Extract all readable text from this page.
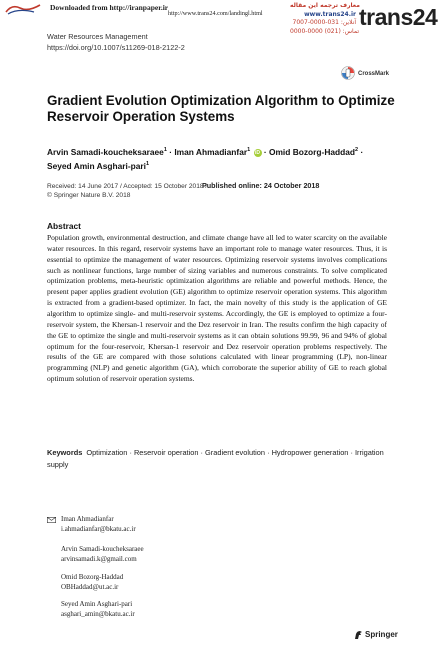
Downloaded from http://iranpaper.ir
http://www.trans24.com/landingl.html
معارف ترجمه این مقاله
www.trans24.ir
آنلاین: 031-0000-7007
تماس: (021) 0000-0000
trans24
Water Resources Management
https://doi.org/10.1007/s11269-018-2122-2
CrossMark
Gradient Evolution Optimization Algorithm to Optimize Reservoir Operation Systems
Arvin Samadi-koucheksaraee$^1$ · Iman Ahmadianfar$^1$ iD · Omid Bozorg-Haddad$^2$ ·
Seyed Amin Asghari-pari$^1$
Received: 14 June 2017 / Accepted: 15 October 2018 /
Published online: 24 October 2018
© Springer Nature B.V. 2018
Abstract
Population growth, environmental destruction, and climate change have all led to water scarcity on the available water resources. In this regard, reservoir systems have an important role to manage water resources. Thus, it is essential to optimize the management of water resources. Optimizing reservoir systems involves complications such as nonlinear functions, large number of sizing variables and numerous constraints. To solve complicated optimization problems, meta-heuristic optimization algorithms are reliable and powerful methods. Hence, the present paper applies gradient evolution (GE) algorithm to optimize reservoir operation systems. This algorithm is extracted from a gradient-based optimizer. In fact, the main novelty of this study is the application of GE algorithm to optimize single- and multi-reservoir systems. Accordingly, the GE is employed to optimize a four-reservoir system, the Khersan-1 reservoir and the Dez reservoir in Iran. The results confirm the high capacity of the GE to optimize the single and multi-reservoir systems as it can obtain solutions 99.99, 96 and 94% of global optimum for the four-reservoir, Khersan-1 reservoir and Dez reservoir operation problems respectively. The results of the GE are compared with those solutions calculated with linear programming (LP), non-linear programming (NLP) and genetic algorithm (GA), which corroborate the superior ability of GE to reach global optimum solution of reservoir operation systems.
Keywords Optimization · Reservoir operation · Gradient evolution · Hydropower generation · Irrigation supply
Iman Ahmadianfar
i.ahmadianfar@bkatu.ac.ir
Arvin Samadi-koucheksaraee
arvinsamadi.k@gmail.com
Omid Bozorg-Haddad
OBHaddad@ut.ac.ir
Seyed Amin Asghari-pari
asghari_amin@bkatu.ac.ir
Springer
